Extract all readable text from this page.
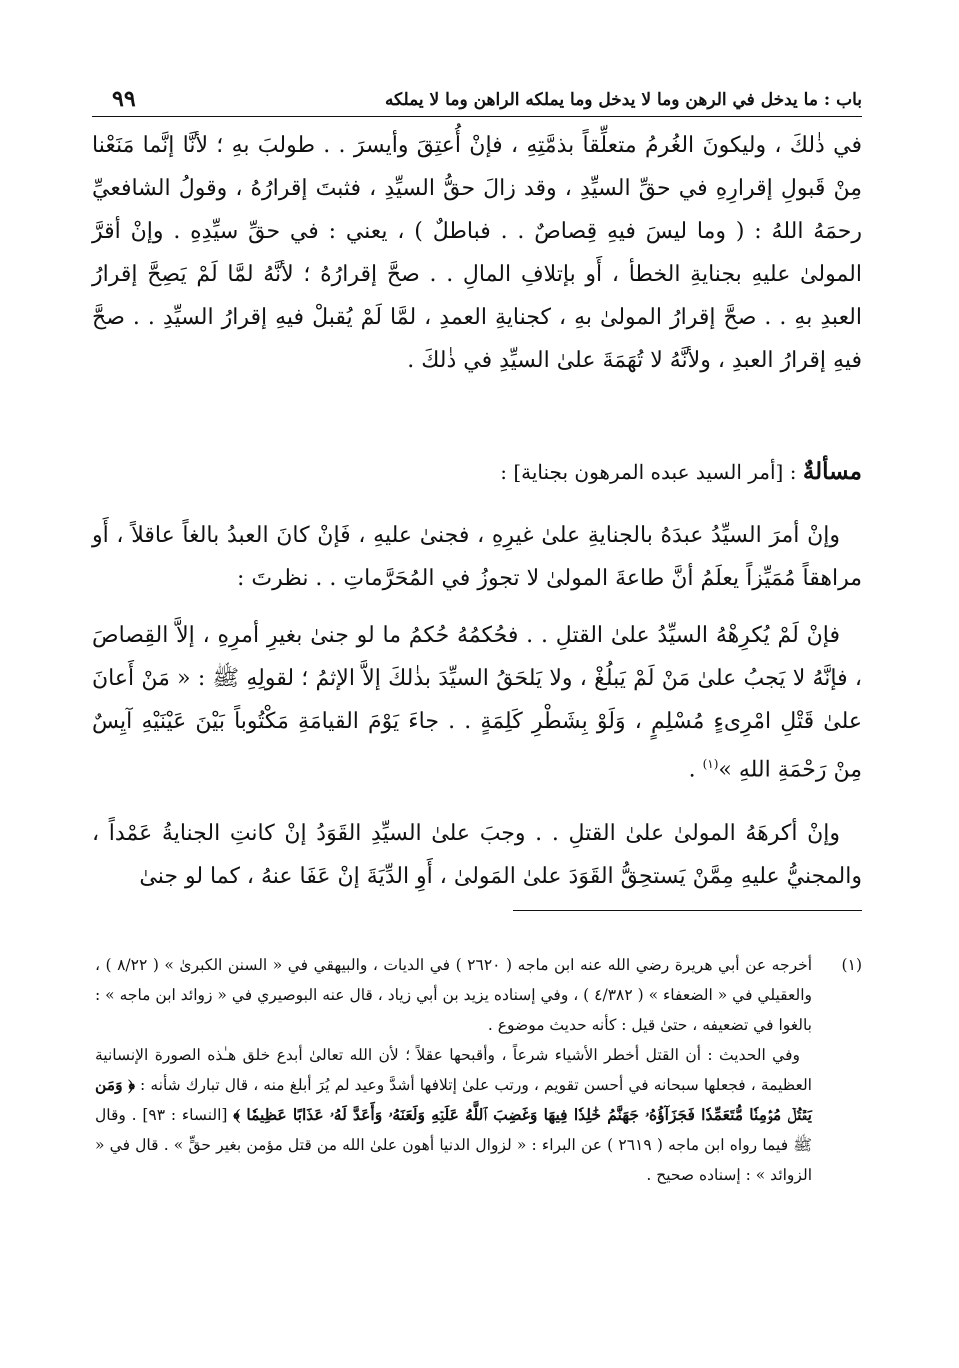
باب : ما يدخل في الرهن وما لا يدخل وما يملكه الراهن وما لا يملكه
٩٩

في ذٰلكَ ، وليكونَ الغُرمُ متعلِّقاً بذمَّتِهِ ، فإنْ أُعتِقَ وأيسرَ . . طولبَ بهِ ؛ لأنَّا إنَّما مَنَعْنا مِنْ قَبولِ إقرارِهِ في حقِّ السيِّدِ ، وقد زالَ حقُّ السيِّدِ ، فثبتَ إقرارُهُ ، وقولُ الشافعيِّ رحمَهُ اللهُ : ( وما ليسَ فيهِ قِصاصٌ . . فباطلٌ ) ، يعني : في حقِّ سيِّدِهِ . وإنْ أقرَّ المولىٰ عليهِ بجنايةِ الخطأ ، أَو بإتلافِ المالِ . . صحَّ إقرارُهُ ؛ لأنَّهُ لمَّا لَمْ يَصِحَّ إقرارُ العبدِ بهِ . . صحَّ إقرارُ المولىٰ بهِ ، كجنايةِ العمدِ ، لمَّا لَمْ يُقبلْ فيهِ إقرارُ السيِّدِ . . صحَّ فيهِ إقرارُ العبدِ ، ولأنَّهُ لا تُهَمَةَ علىٰ السيِّدِ في ذٰلكَ .

مسألةٌ : [أمر السيد عبده المرهون بجناية] :

وإنْ أمرَ السيِّدُ عبدَهُ بالجنايةِ علىٰ غيرِهِ ، فجنىٰ عليهِ ، فَإنْ كانَ العبدُ بالغاً عاقلاً ، أَو مراهقاً مُمَيِّزاً يعلَمُ أنَّ طاعةَ المولىٰ لا تجوزُ في المُحَرَّماتِ . . نظرتَ :

فإنْ لَمْ يُكرِهْهُ السيِّدُ علىٰ القتلِ . . فحُكمُهُ حُكمُ ما لو جنىٰ بغيرِ أمرِهِ ، إلاَّ القِصاصَ ، فإنَّهُ لا يَجبُ علىٰ مَنْ لَمْ يَبلُغْ ، ولا يَلحَقُ السيِّدَ بذٰلكَ إلاَّ الإثمُ ؛ لقولِهِ ﷺ : « مَنْ أَعانَ علىٰ قَتْلِ امْرِىءٍ مُسْلِمٍ ، وَلَوْ بِشَطْرِ كَلِمَةٍ . . جاءَ يَوْمَ القيامَةِ مَكْتُوباً بَيْنَ عَيْنَيْهِ آيِسٌ مِنْ رَحْمَةِ اللهِ »$^{(١)}$ .

وإنْ أكرهَهُ المولىٰ علىٰ القتلِ . . وجبَ علىٰ السيِّدِ القَوَدُ إنْ كانتِ الجنايةُ عَمْداً ، والمجنيُّ عليهِ مِمَّنْ يَستحِقُّ القَوَدَ علىٰ المَولىٰ ، أَوِ الدِّيَةَ إنْ عَفَا عنهُ ، كما لو جنىٰ

(١)
أخرجه عن أبي هريرة رضي الله عنه ابن ماجه ( ٢٦٢٠ ) في الديات ، والبيهقي في « السنن الكبرىٰ » ( ٨/٢٢ ) ، والعقيلي في « الضعفاء » ( ٤/٣٨٢ ) ، وفي إسناده يزيد بن أبي زياد ، قال عنه البوصيري في « زوائد ابن ماجه » : بالغوا في تضعيفه ، حتىٰ قيل : كأنه حديث موضوع .
وفي الحديث : أن القتل أخطر الأشياء شرعاً ، وأقبحها عقلاً ؛ لأن الله تعالىٰ أبدع خلق هـٰذه الصورة الإنسانية العظيمة ، فجعلها سبحانه في أحسن تقويم ، ورتب علىٰ إتلافها أشدَّ وعيد لم يُرَ أبلغ منه ، قال تبارك شأنه : ﴿ وَمَن يَقۡتُلۡ مُؤۡمِنٗا مُّتَعَمِّدٗا فَجَزَآؤُهُۥ جَهَنَّمُ خَٰلِدٗا فِيهَا وَغَضِبَ ٱللَّهُ عَلَيۡهِ وَلَعَنَهُۥ وَأَعَدَّ لَهُۥ عَذَابًا عَظِيمٗا ﴾ [النساء : ٩٣] . وقال ﷺ فيما رواه ابن ماجه ( ٢٦١٩ ) عن البراء : « لزوال الدنيا أهون علىٰ الله من قتل مؤمن بغير حقٍّ » . قال في « الزوائد » : إسناده صحيح .
